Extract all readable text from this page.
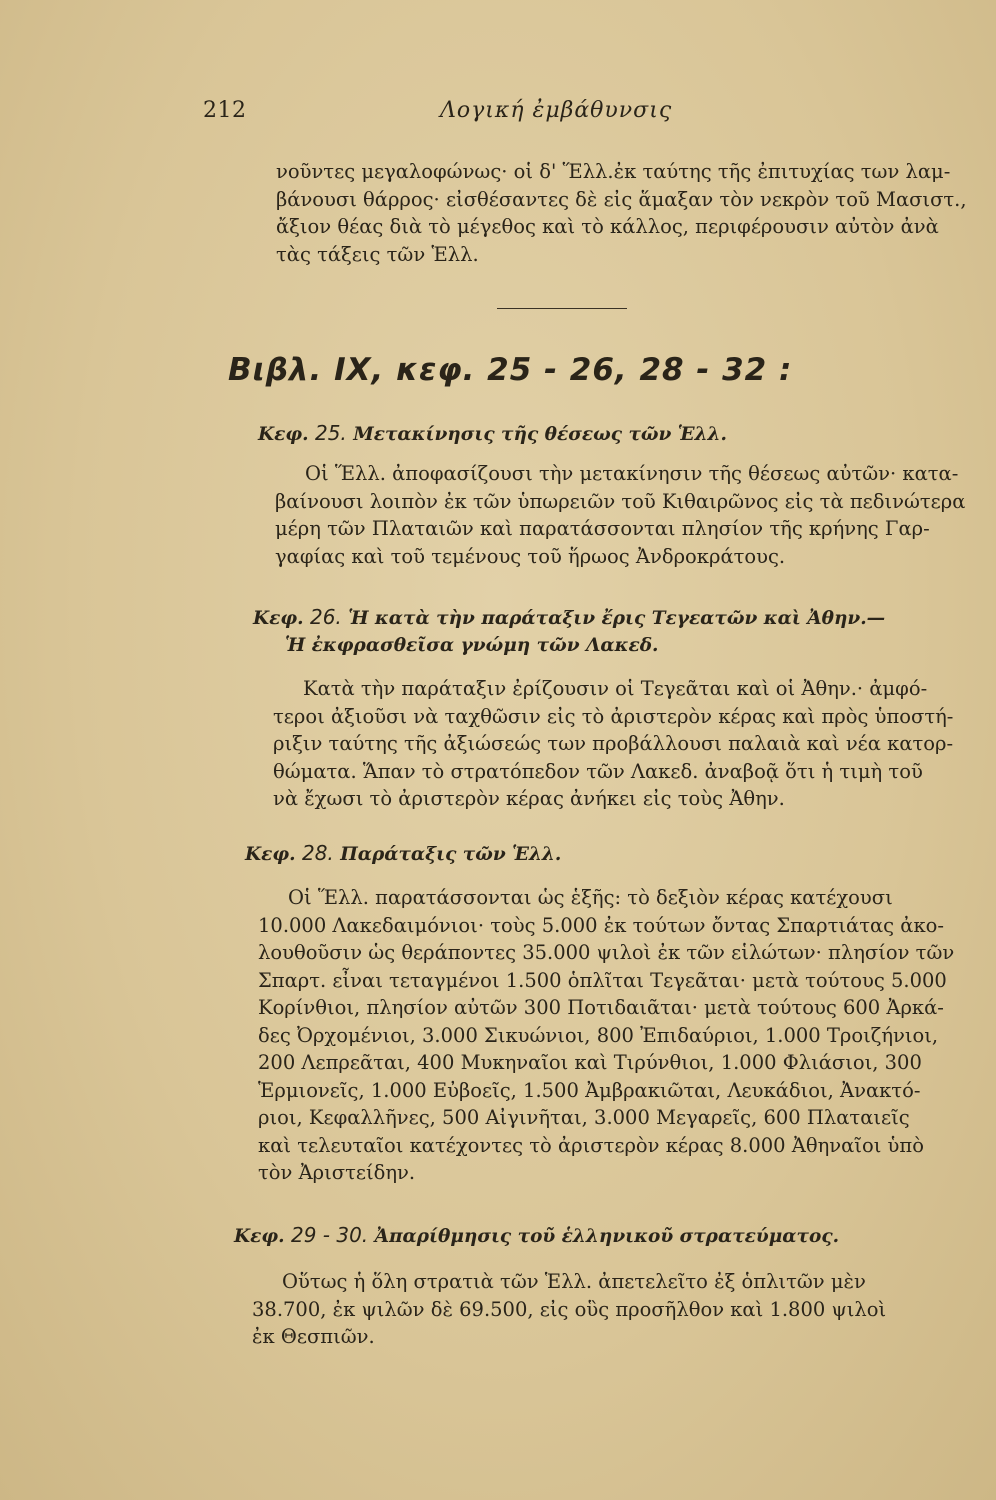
212	Λογική ἐμβάθυνσις

νοῦντες μεγαλοφώνως· οἱ δ' Ἕλλ.ἐκ ταύτης τῆς ἐπιτυχίας των λαμ-
βάνουσι θάρρος· εἰσθέσαντες δὲ εἰς ἅμαξαν τὸν νεκρὸν τοῦ Μασιστ.,
ἄξιον θέας διὰ τὸ μέγεθος καὶ τὸ κάλλος, περιφέρουσιν αὐτὸν ἀνὰ
τὰς τάξεις τῶν Ἑλλ.

Βιβλ. IX, κεφ. 25 - 26, 28 - 32 :
Κεφ. 25. Μετακίνησις τῆς θέσεως τῶν Ἑλλ.

Οἱ Ἕλλ. ἀποφασίζουσι τὴν μετακίνησιν τῆς θέσεως αὐτῶν· κατα-
βαίνουσι λοιπὸν ἐκ τῶν ὑπωρειῶν τοῦ Κιθαιρῶνος εἰς τὰ πεδινώτερα
μέρη τῶν Πλαταιῶν καὶ παρατάσσονται πλησίον τῆς κρήνης Γαρ-
γαφίας καὶ τοῦ τεμένους τοῦ ἥρωος Ἀνδροκράτους.

Κεφ. 26. Ἡ κατὰ τὴν παράταξιν ἔρις Τεγεατῶν καὶ Ἀθην.—
Ἡ ἐκφρασθεῖσα γνώμη τῶν Λακεδ.

Κατὰ τὴν παράταξιν ἐρίζουσιν οἱ Τεγεᾶται καὶ οἱ Ἀθην.· ἀμφό-
τεροι ἀξιοῦσι νὰ ταχθῶσιν εἰς τὸ ἀριστερὸν κέρας καὶ πρὸς ὑποστή-
ριξιν ταύτης τῆς ἀξιώσεώς των προβάλλουσι παλαιὰ καὶ νέα κατορ-
θώματα. Ἅπαν τὸ στρατόπεδον τῶν Λακεδ. ἀναβοᾷ ὅτι ἡ τιμὴ τοῦ
νὰ ἔχωσι τὸ ἀριστερὸν κέρας ἀνήκει εἰς τοὺς Ἀθην.

Κεφ. 28. Παράταξις τῶν Ἑλλ.

Οἱ Ἕλλ. παρατάσσονται ὡς ἑξῆς: τὸ δεξιὸν κέρας κατέχουσι
10.000 Λακεδαιμόνιοι· τοὺς 5.000 ἐκ τούτων ὄντας Σπαρτιάτας ἀκο-
λουθοῦσιν ὡς θεράποντες 35.000 ψιλοὶ ἐκ τῶν εἱλώτων· πλησίον τῶν
Σπαρτ. εἶναι τεταγμένοι 1.500 ὁπλῖται Τεγεᾶται· μετὰ τούτους 5.000
Κορίνθιοι, πλησίον αὐτῶν 300 Ποτιδαιᾶται· μετὰ τούτους 600 Ἀρκά-
δες Ὀρχομένιοι, 3.000 Σικυώνιοι, 800 Ἐπιδαύριοι, 1.000 Τροιζήνιοι,
200 Λεπρεᾶται, 400 Μυκηναῖοι καὶ Τιρύνθιοι, 1.000 Φλιάσιοι, 300
Ἑρμιονεῖς, 1.000 Εὐβοεῖς, 1.500 Ἀμβρακιῶται, Λευκάδιοι, Ἀνακτό-
ριοι, Κεφαλλῆνες, 500 Αἰγινῆται, 3.000 Μεγαρεῖς, 600 Πλαταιεῖς
καὶ τελευταῖοι κατέχοντες τὸ ἀριστερὸν κέρας 8.000 Ἀθηναῖοι ὑπὸ
τὸν Ἀριστείδην.

Κεφ. 29 - 30. Ἀπαρίθμησις τοῦ ἑλληνικοῦ στρατεύματος.

Οὕτως ἡ ὅλη στρατιὰ τῶν Ἑλλ. ἀπετελεῖτο ἐξ ὁπλιτῶν μὲν
38.700, ἐκ ψιλῶν δὲ 69.500, εἰς οὓς προσῆλθον καὶ 1.800 ψιλοὶ
ἐκ Θεσπιῶν.
